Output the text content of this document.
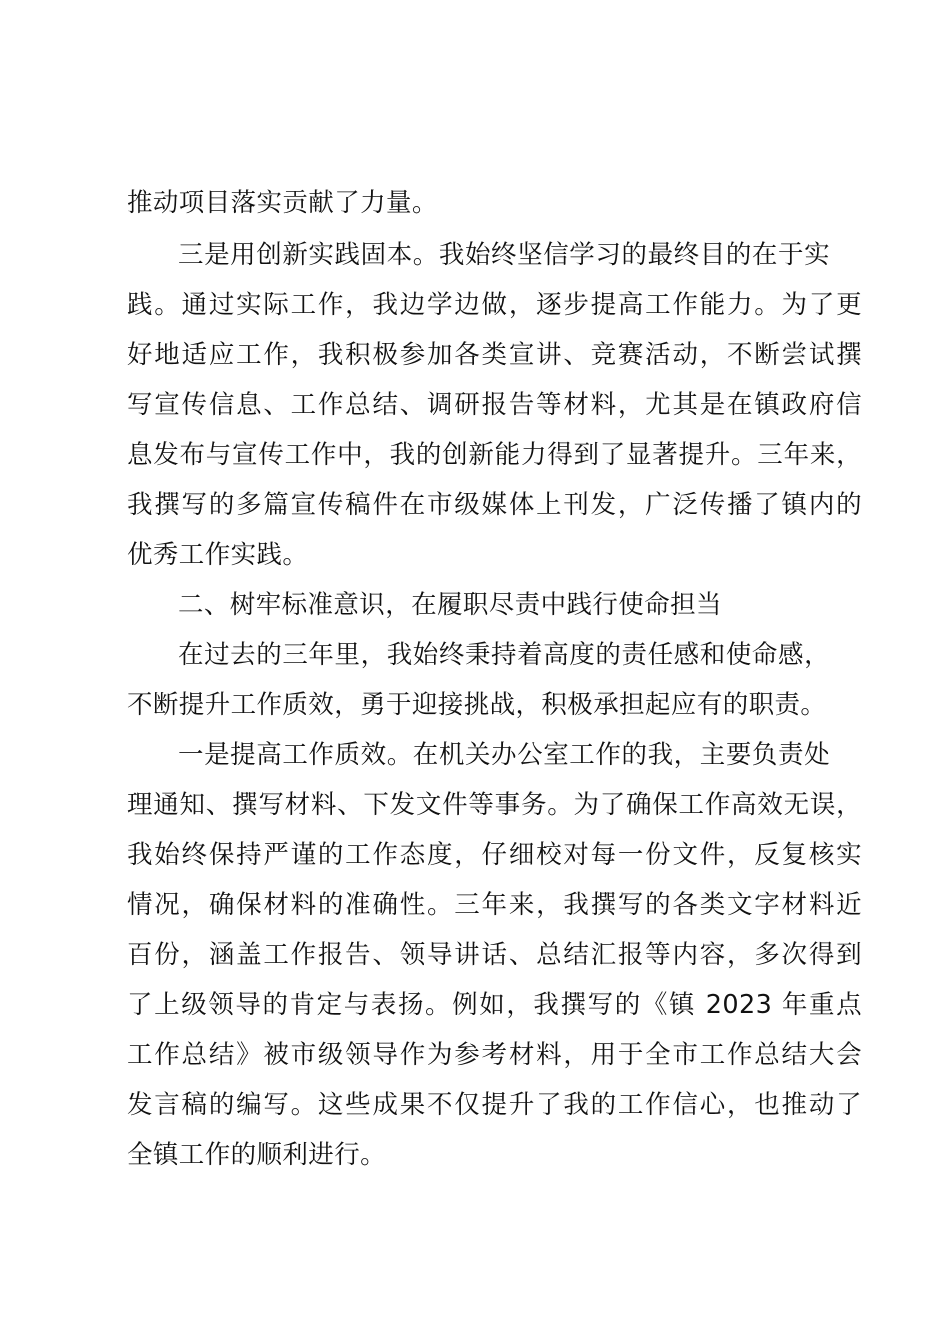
推动项目落实贡献了力量。
三是用创新实践固本。我始终坚信学习的最终目的在于实
践。通过实际工作，我边学边做，逐步提高工作能力。为了更
好地适应工作，我积极参加各类宣讲、竞赛活动，不断尝试撰
写宣传信息、工作总结、调研报告等材料，尤其是在镇政府信
息发布与宣传工作中，我的创新能力得到了显著提升。三年来，
我撰写的多篇宣传稿件在市级媒体上刊发，广泛传播了镇内的
优秀工作实践。
二、树牢标准意识，在履职尽责中践行使命担当
在过去的三年里，我始终秉持着高度的责任感和使命感，
不断提升工作质效，勇于迎接挑战，积极承担起应有的职责。
一是提高工作质效。在机关办公室工作的我，主要负责处
理通知、撰写材料、下发文件等事务。为了确保工作高效无误，
我始终保持严谨的工作态度，仔细校对每一份文件，反复核实
情况，确保材料的准确性。三年来，我撰写的各类文字材料近
百份，涵盖工作报告、领导讲话、总结汇报等内容，多次得到
了上级领导的肯定与表扬。例如，我撰写的《镇 2023 年重点
工作总结》被市级领导作为参考材料，用于全市工作总结大会
发言稿的编写。这些成果不仅提升了我的工作信心，也推动了
全镇工作的顺利进行。
